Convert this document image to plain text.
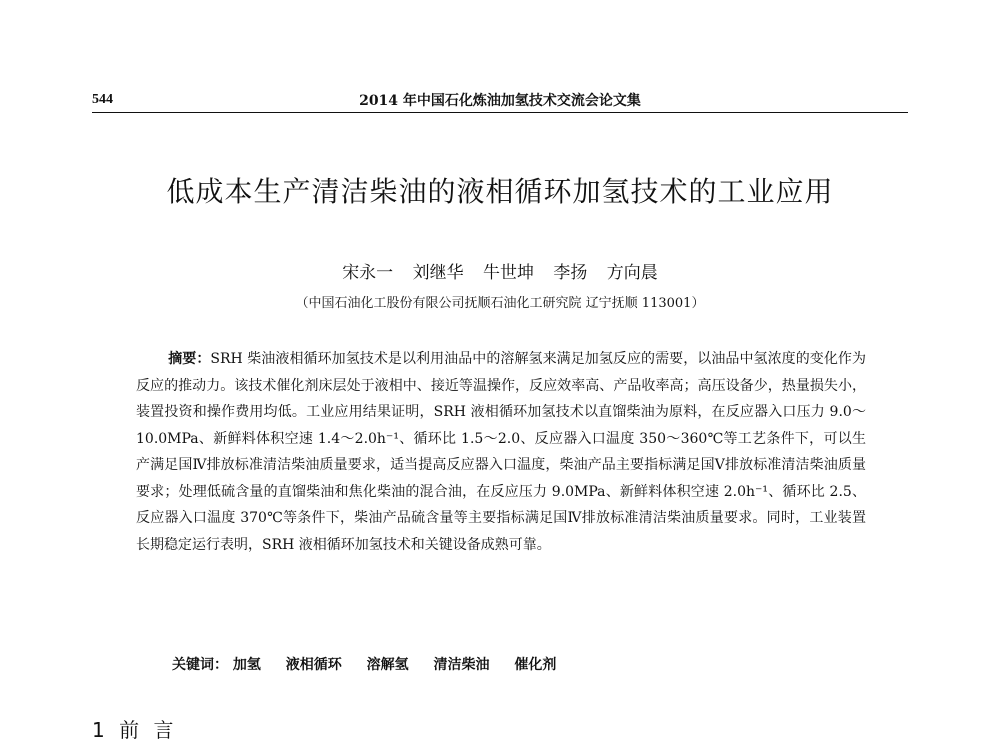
544	2014 年中国石化炼油加氢技术交流会论文集
低成本生产清洁柴油的液相循环加氢技术的工业应用
宋永一 刘继华 牛世坤 李扬 方向晨
（中国石油化工股份有限公司抚顺石油化工研究院 辽宁抚顺 113001）
摘要：SRH 柴油液相循环加氢技术是以利用油品中的溶解氢来满足加氢反应的需要，以油品中氢浓度的变化作为反应的推动力。该技术催化剂床层处于液相中、接近等温操作，反应效率高、产品收率高；高压设备少，热量损失小，装置投资和操作费用均低。工业应用结果证明，SRH 液相循环加氢技术以直馏柴油为原料，在反应器入口压力 9.0～10.0MPa、新鲜料体积空速 1.4～2.0h⁻¹、循环比 1.5～2.0、反应器入口温度 350～360℃等工艺条件下，可以生产满足国Ⅳ排放标准清洁柴油质量要求，适当提高反应器入口温度，柴油产品主要指标满足国Ⅴ排放标准清洁柴油质量要求；处理低硫含量的直馏柴油和焦化柴油的混合油，在反应压力 9.0MPa、新鲜料体积空速 2.0h⁻¹、循环比 2.5、反应器入口温度 370℃等条件下，柴油产品硫含量等主要指标满足国Ⅳ排放标准清洁柴油质量要求。同时，工业装置长期稳定运行表明，SRH 液相循环加氢技术和关键设备成熟可靠。
关键词： 加氢 液相循环 溶解氢 清洁柴油 催化剂
1 前 言
